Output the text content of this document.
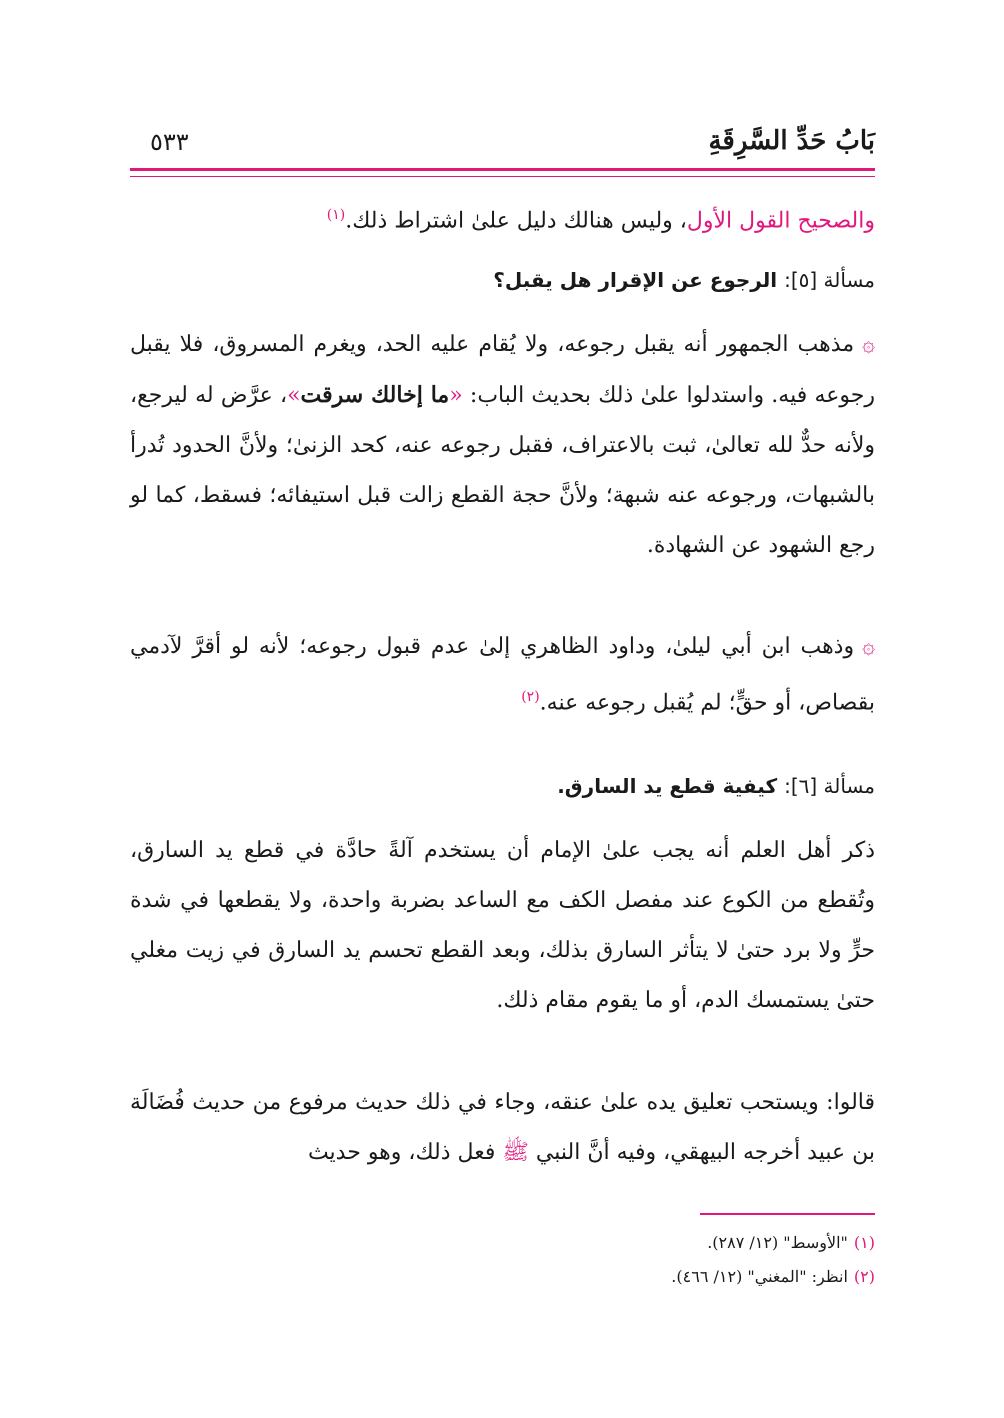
بَابُ حَدِّ السَّرِقَةِ
٥٣٣

والصحيح القول الأول، وليس هنالك دليل علىٰ اشتراط ذلك.$^{(١)}$

مسألة [٥]: الرجوع عن الإقرار هل يقبل؟

۞مذهب الجمهور أنه يقبل رجوعه، ولا يُقام عليه الحد، ويغرم المسروق، فلا يقبل رجوعه فيه. واستدلوا علىٰ ذلك بحديث الباب: «ما إخالك سرقت»، عرَّض له ليرجع، ولأنه حدٌّ لله تعالىٰ، ثبت بالاعتراف، فقبل رجوعه عنه، كحد الزنىٰ؛ ولأنَّ الحدود تُدرأ بالشبهات، ورجوعه عنه شبهة؛ ولأنَّ حجة القطع زالت قبل استيفائه؛ فسقط، كما لو رجع الشهود عن الشهادة.

۞وذهب ابن أبي ليلىٰ، وداود الظاهري إلىٰ عدم قبول رجوعه؛ لأنه لو أقرَّ لآدمي بقصاص، أو حقٍّ؛ لم يُقبل رجوعه عنه.$^{(٢)}$

مسألة [٦]: كيفية قطع يد السارق.

ذكر أهل العلم أنه يجب علىٰ الإمام أن يستخدم آلةً حادَّة في قطع يد السارق، وتُقطع من الكوع عند مفصل الكف مع الساعد بضربة واحدة، ولا يقطعها في شدة حرٍّ ولا برد حتىٰ لا يتأثر السارق بذلك، وبعد القطع تحسم يد السارق في زيت مغلي حتىٰ يستمسك الدم، أو ما يقوم مقام ذلك.

قالوا: ويستحب تعليق يده علىٰ عنقه، وجاء في ذلك حديث مرفوع من حديث فُضَالَة بن عبيد أخرجه البيهقي، وفيه أنَّ النبي ﷺ فعل ذلك، وهو حديث

(١)"الأوسط" (١٢/ ٢٨٧).
(٢)انظر: "المغني" (١٢/ ٤٦٦).
